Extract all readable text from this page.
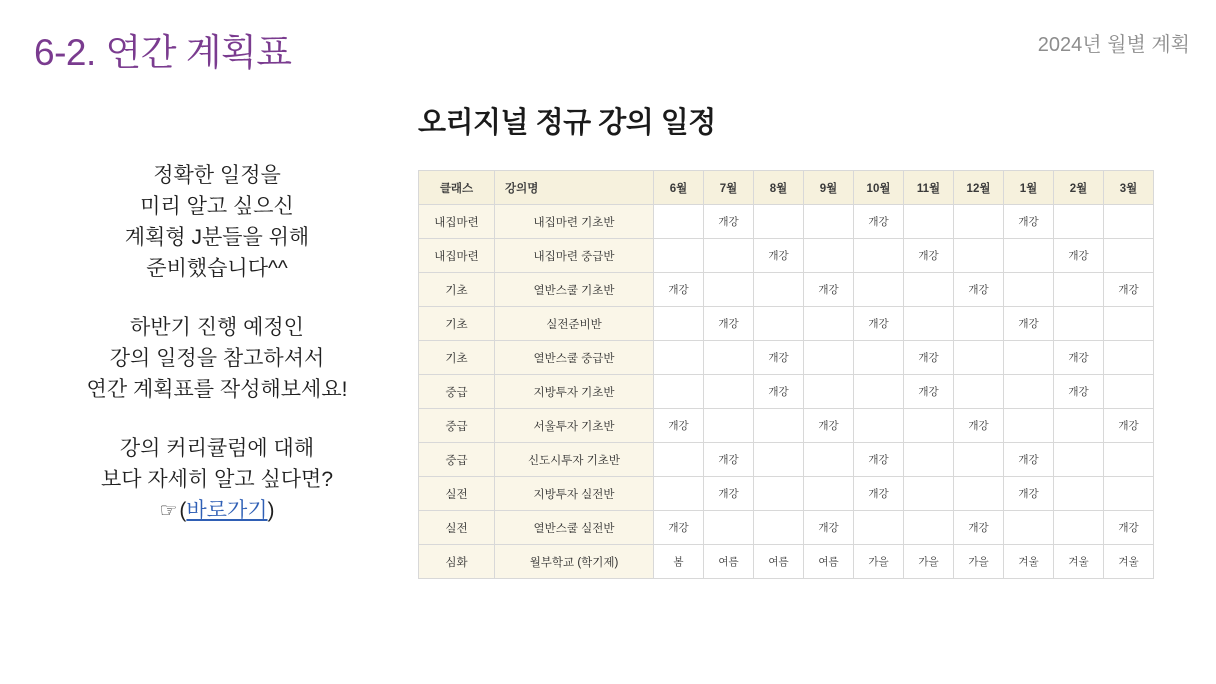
6-2. 연간 계획표	2024년 월별 계획
정확한 일정을
미리 알고 싶으신
계획형 J분들을 위해
준비했습니다^^
하반기 진행 예정인
강의 일정을 참고하셔서
연간 계획표를 작성해보세요!
강의 커리큘럼에 대해
보다 자세히 알고 싶다면?
☞(바로가기)
오리지널 정규 강의 일정
클래스	강의명	6월	7월	8월	9월	10월	11월	12월	1월	2월	3월
내집마련	내집마련 기초반		개강			개강			개강		
내집마련	내집마련 중급반			개강			개강			개강	
기초	열반스쿨 기초반	개강			개강			개강			개강
기초	실전준비반		개강			개강			개강		
기초	열반스쿨 중급반			개강			개강			개강	
중급	지방투자 기초반			개강			개강			개강	
중급	서울투자 기초반	개강			개강			개강			개강
중급	신도시투자 기초반		개강			개강			개강		
실전	지방투자 실전반		개강			개강			개강		
실전	열반스쿨 실전반	개강			개강			개강			개강
심화	월부학교 (학기제)	봄	여름	여름	여름	가을	가을	가을	겨울	겨울	겨울
